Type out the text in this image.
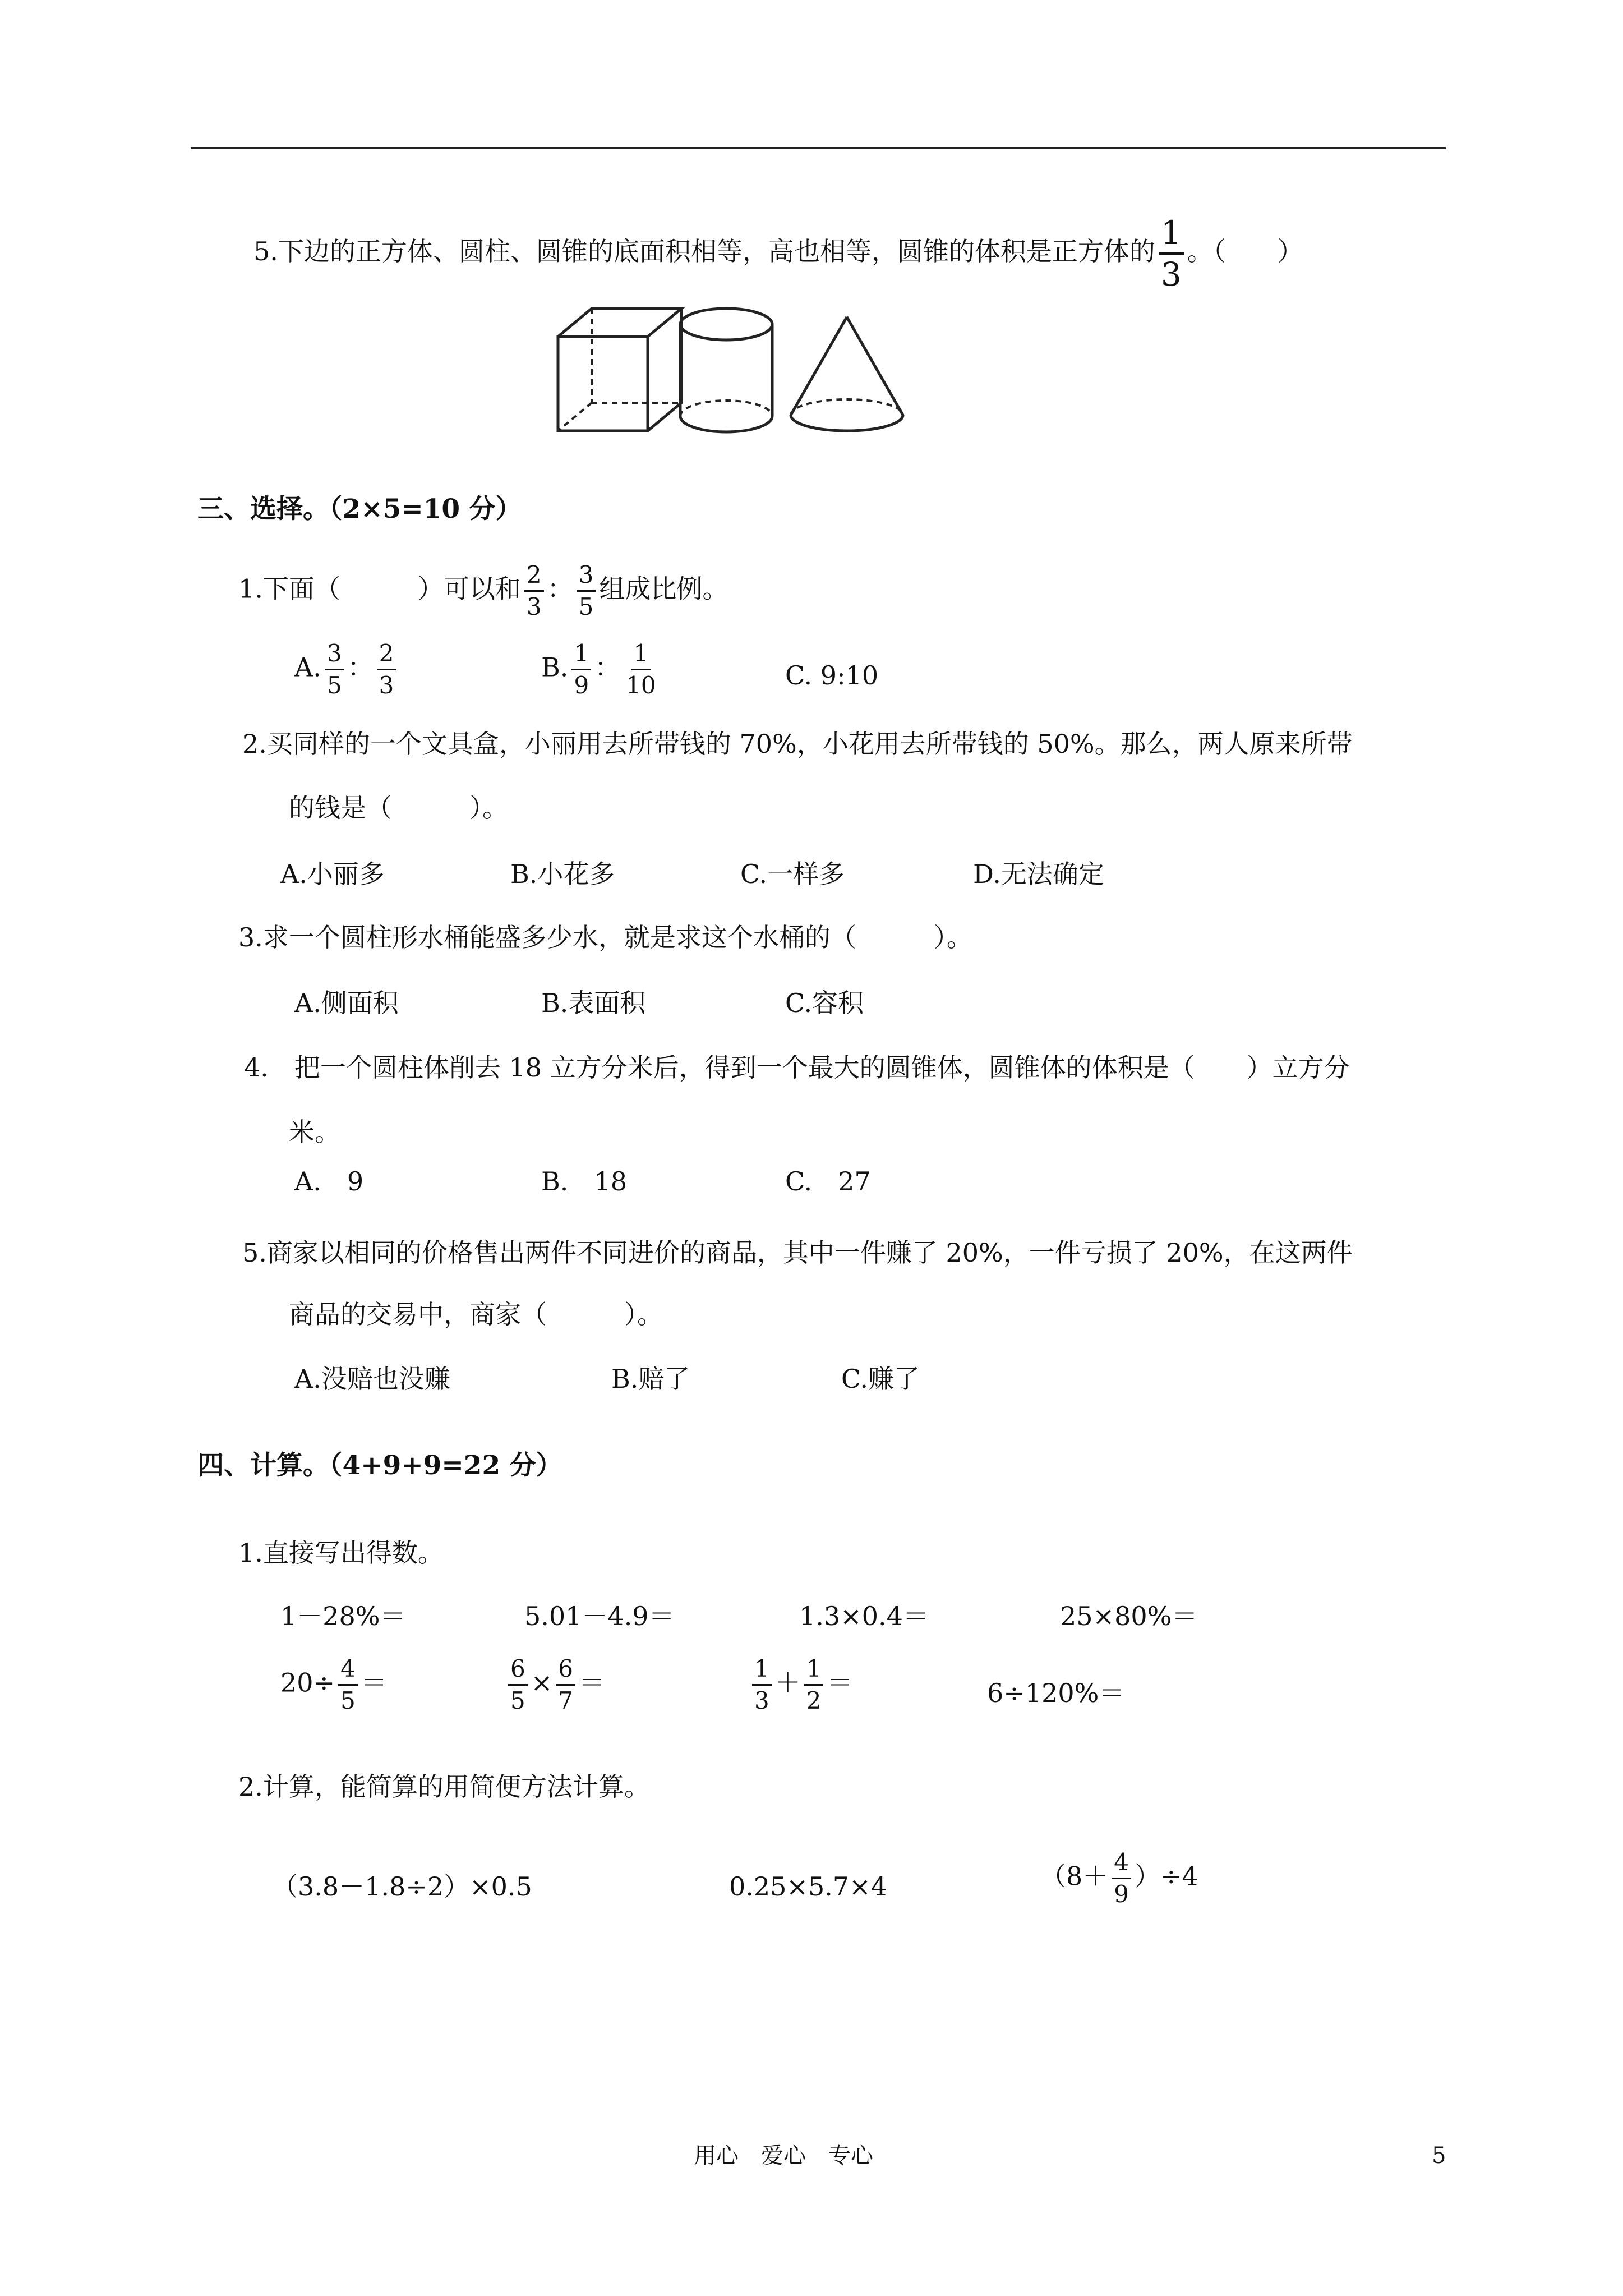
5.下边的正方体、圆柱、圆锥的底面积相等，高也相等，圆锥的体积是正方体的 $\frac{1}{3}$ 。（　　）
三、选择。（2×5=10 分）
1.下面（　　　）可以和 $\frac{2}{3}$ ： $\frac{3}{5}$ 组成比例。
A. $\frac{3}{5}$ ： $\frac{2}{3}$	B. $\frac{1}{9}$ ： $\frac{1}{10}$	C. 9:10
2.买同样的一个文具盒，小丽用去所带钱的 70%，小花用去所带钱的 50%。那么，两人原来所带
的钱是（　　　）。
A.小丽多	B.小花多	C.一样多	D.无法确定
3.求一个圆柱形水桶能盛多少水，就是求这个水桶的（　　　）。
A.侧面积	B.表面积	C.容积
4.　把一个圆柱体削去 18 立方分米后，得到一个最大的圆锥体，圆锥体的体积是（　　）立方分
米。
A.　9	B.　18	C.　27
5.商家以相同的价格售出两件不同进价的商品，其中一件赚了 20%，一件亏损了 20%，在这两件
商品的交易中，商家（　　　）。
A.没赔也没赚	B.赔了	C.赚了
四、计算。（4+9+9=22 分）
1.直接写出得数。
1－28%＝	5.01－4.9＝	1.3×0.4＝	25×80%＝
$20\div \frac{4}{5}$ ＝	$\frac{6}{5} \times \frac{6}{7}$ ＝	$\frac{1}{3} + \frac{1}{2}$ ＝	6÷120%＝
2.计算，能简算的用简便方法计算。
（3.8－1.8÷2）×0.5	0.25×5.7×4	$(8+ \frac{4}{9} )\div 4$
用心　爱心　专心	5
